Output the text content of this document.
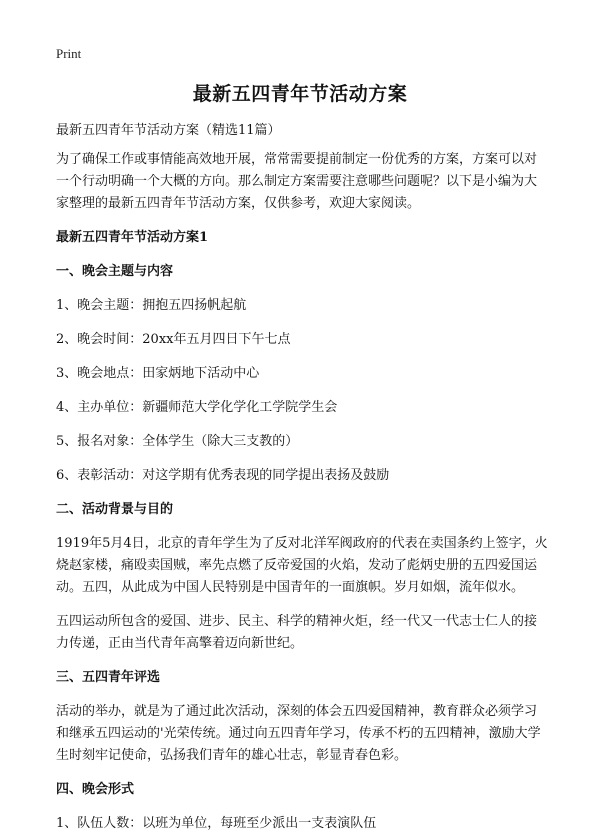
Print
最新五四青年节活动方案

最新五四青年节活动方案（精选11篇）

为了确保工作或事情能高效地开展，常常需要提前制定一份优秀的方案，方案可以对一个行动明确一个大概的方向。那么制定方案需要注意哪些问题呢？以下是小编为大家整理的最新五四青年节活动方案，仅供参考，欢迎大家阅读。

最新五四青年节活动方案1

一、晚会主题与内容

1、晚会主题：拥抱五四扬帆起航

2、晚会时间：20xx年五月四日下午七点

3、晚会地点：田家炳地下活动中心

4、主办单位：新疆师范大学化学化工学院学生会

5、报名对象：全体学生（除大三支教的）

6、表彰活动：对这学期有优秀表现的同学提出表扬及鼓励

二、活动背景与目的

1919年5月4日，北京的青年学生为了反对北洋军阀政府的代表在卖国条约上签字，火烧赵家楼，痛殴卖国贼，率先点燃了反帝爱国的火焰，发动了彪炳史册的五四爱国运动。五四，从此成为中国人民特别是中国青年的一面旗帜。岁月如烟，流年似水。

五四运动所包含的爱国、进步、民主、科学的精神火炬，经一代又一代志士仁人的接力传递，正由当代青年高擎着迈向新世纪。

三、五四青年评选

活动的举办，就是为了通过此次活动，深刻的体会五四爱国精神，教育群众必须学习和继承五四运动的'光荣传统。通过向五四青年学习，传承不朽的五四精神，激励大学生时刻牢记使命，弘扬我们青年的雄心壮志，彰显青春色彩。

四、晚会形式

1、队伍人数：以班为单位，每班至少派出一支表演队伍
